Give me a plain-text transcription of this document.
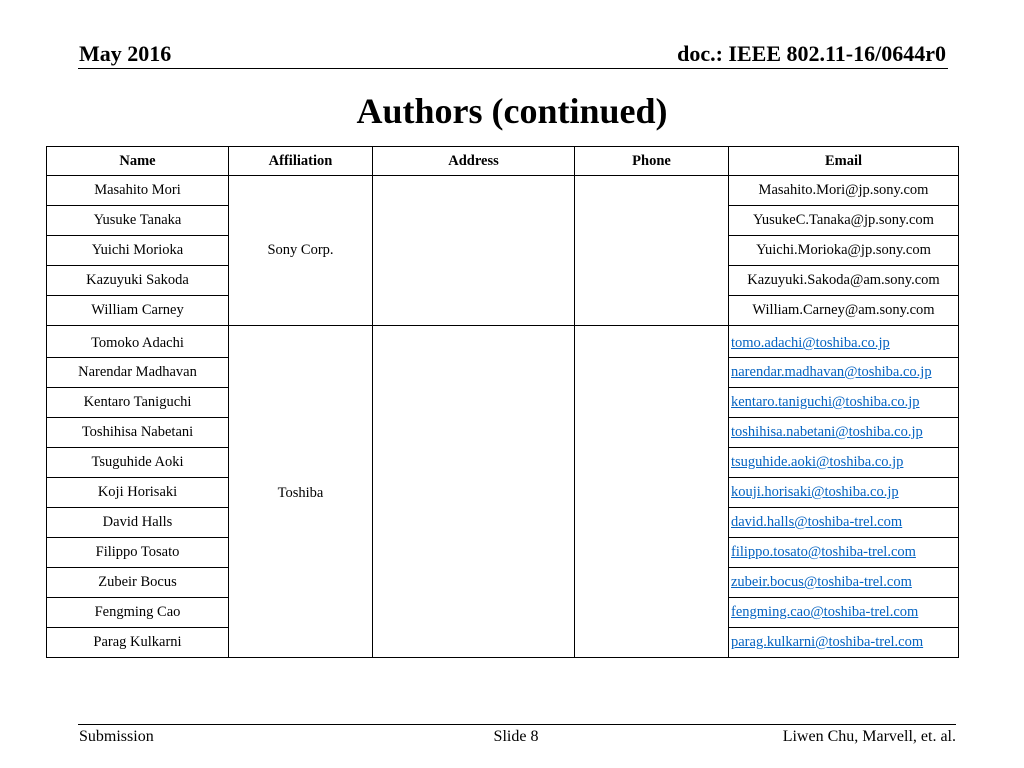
May 2016	doc.: IEEE 802.11-16/0644r0
Authors (continued)
Name	Affiliation	Address	Phone	Email
Masahito Mori	Sony Corp.			Masahito.Mori@jp.sony.com
Yusuke Tanaka				YusukeC.Tanaka@jp.sony.com
Yuichi Morioka				Yuichi.Morioka@jp.sony.com
Kazuyuki Sakoda				Kazuyuki.Sakoda@am.sony.com
William Carney				William.Carney@am.sony.com
Tomoko Adachi	Toshiba			tomo.adachi@toshiba.co.jp
Narendar Madhavan				narendar.madhavan@toshiba.co.jp
Kentaro Taniguchi				kentaro.taniguchi@toshiba.co.jp
Toshihisa Nabetani				toshihisa.nabetani@toshiba.co.jp
Tsuguhide Aoki				tsuguhide.aoki@toshiba.co.jp
Koji Horisaki				kouji.horisaki@toshiba.co.jp
David Halls				david.halls@toshiba-trel.com
Filippo Tosato				filippo.tosato@toshiba-trel.com
Zubeir Bocus				zubeir.bocus@toshiba-trel.com
Fengming Cao				fengming.cao@toshiba-trel.com
Parag Kulkarni				parag.kulkarni@toshiba-trel.com
Submission	Slide 8	Liwen Chu, Marvell, et. al.
